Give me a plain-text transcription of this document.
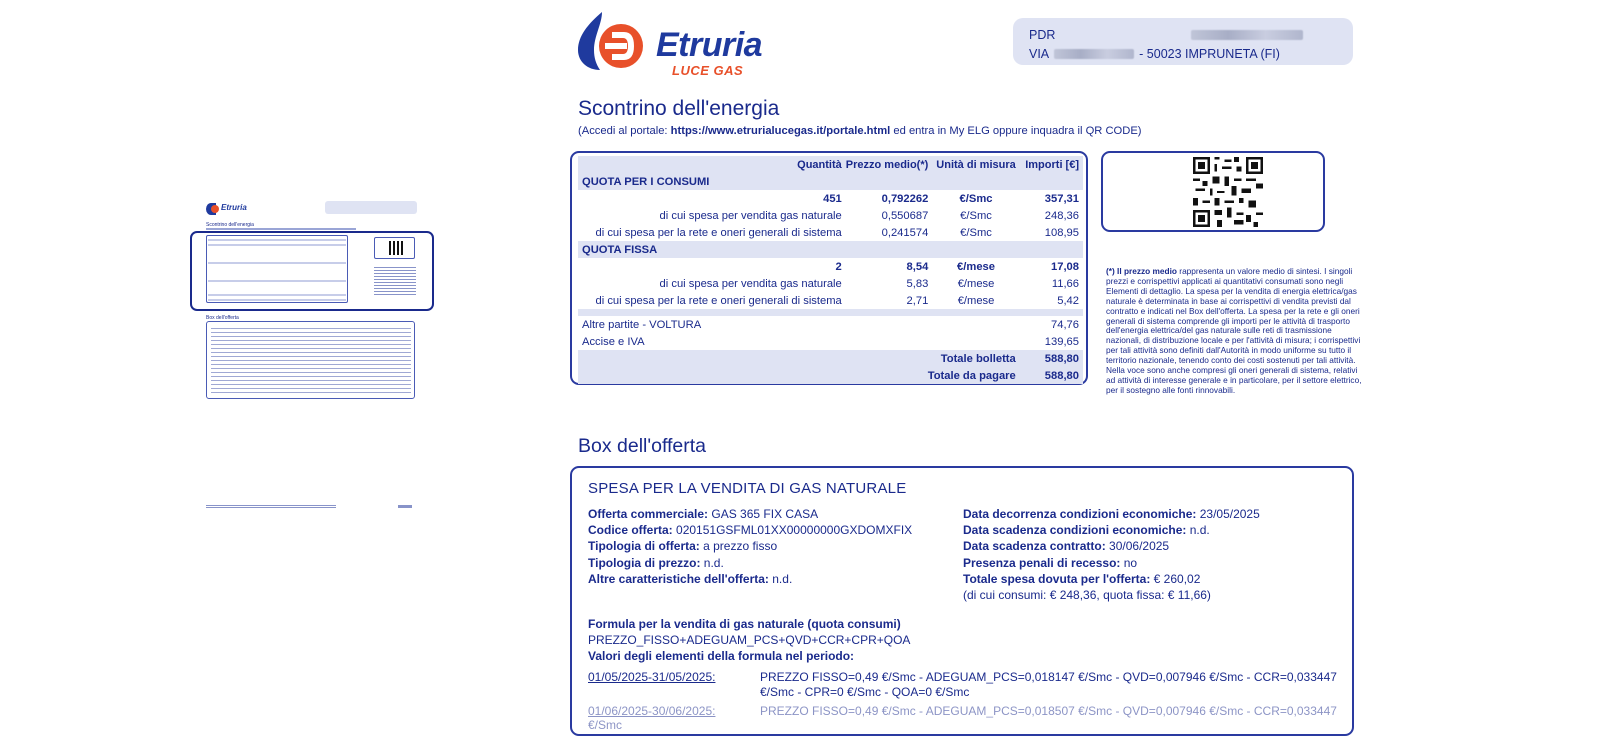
Etruria
Scontrino dell'energia
Box dell'offerta
Etruria
LUCE GAS
PDR
VIA	- 50023 IMPRUNETA (FI)
Scontrino dell'energia
(Accedi al portale: https://www.etrurialucegas.it/portale.html ed entra in My ELG oppure inquadra il QR CODE)
Quantità		Prezzo medio(*)	Unità di misura	Importi [€]
QUOTA PER I CONSUMI				
	451	0,792262	€/Smc	357,31
di cui spesa per vendita gas naturale		0,550687	€/Smc	248,36
di cui spesa per la rete e oneri generali di sistema		0,241574	€/Smc	108,95
QUOTA FISSA				
	2	8,54	€/mese	17,08
di cui spesa per vendita gas naturale		5,83	€/mese	11,66
di cui spesa per la rete e oneri generali di sistema		2,71	€/mese	5,42

Altre partite - VOLTURA				74,76
Accise e IVA				139,65
Totale bolletta				588,80
Totale da pagare				588,80
(*) Il prezzo medio rappresenta un valore medio di sintesi. I singoli prezzi e corrispettivi applicati ai quantitativi consumati sono negli Elementi di dettaglio. La spesa per la vendita di energia elettrica/gas naturale è determinata in base ai corrispettivi di vendita previsti dal contratto e indicati nel Box dell'offerta. La spesa per la rete e gli oneri generali di sistema comprende gli importi per le attività di trasporto dell'energia elettrica/del gas naturale sulle reti di trasmissione nazionali, di distribuzione locale e per l'attività di misura; i corrispettivi per tali attività sono definiti dall'Autorità in modo uniforme su tutto il territorio nazionale, tenendo conto dei costi sostenuti per tali attività. Nella voce sono anche compresi gli oneri generali di sistema, relativi ad attività di interesse generale e in particolare, per il settore elettrico, per il sostegno alle fonti rinnovabili.
Box dell'offerta
SPESA PER LA VENDITA DI GAS NATURALE
Offerta commerciale: GAS 365 FIX CASA
Codice offerta: 020151GSFML01XX00000000GXDOMXFIX
Tipologia di offerta: a prezzo fisso
Tipologia di prezzo: n.d.
Altre caratteristiche dell'offerta: n.d.
Data decorrenza condizioni economiche: 23/05/2025
Data scadenza condizioni economiche: n.d.
Data scadenza contratto: 30/06/2025
Presenza penali di recesso: no
Totale spesa dovuta per l'offerta: € 260,02
(di cui consumi: € 248,36, quota fissa: € 11,66)
Formula per la vendita di gas naturale (quota consumi)
PREZZO_FISSO+ADEGUAM_PCS+QVD+CCR+CPR+QOA
Valori degli elementi della formula nel periodo:
01/05/2025-31/05/2025:	PREZZO FISSO=0,49 €/Smc - ADEGUAM_PCS=0,018147 €/Smc - QVD=0,007946 €/Smc - CCR=0,033447 €/Smc - CPR=0 €/Smc - QOA=0 €/Smc
01/06/2025-30/06/2025:	PREZZO FISSO=0,49 €/Smc - ADEGUAM_PCS=0,018507 €/Smc - QVD=0,007946 €/Smc - CCR=0,033447 €/Smc
